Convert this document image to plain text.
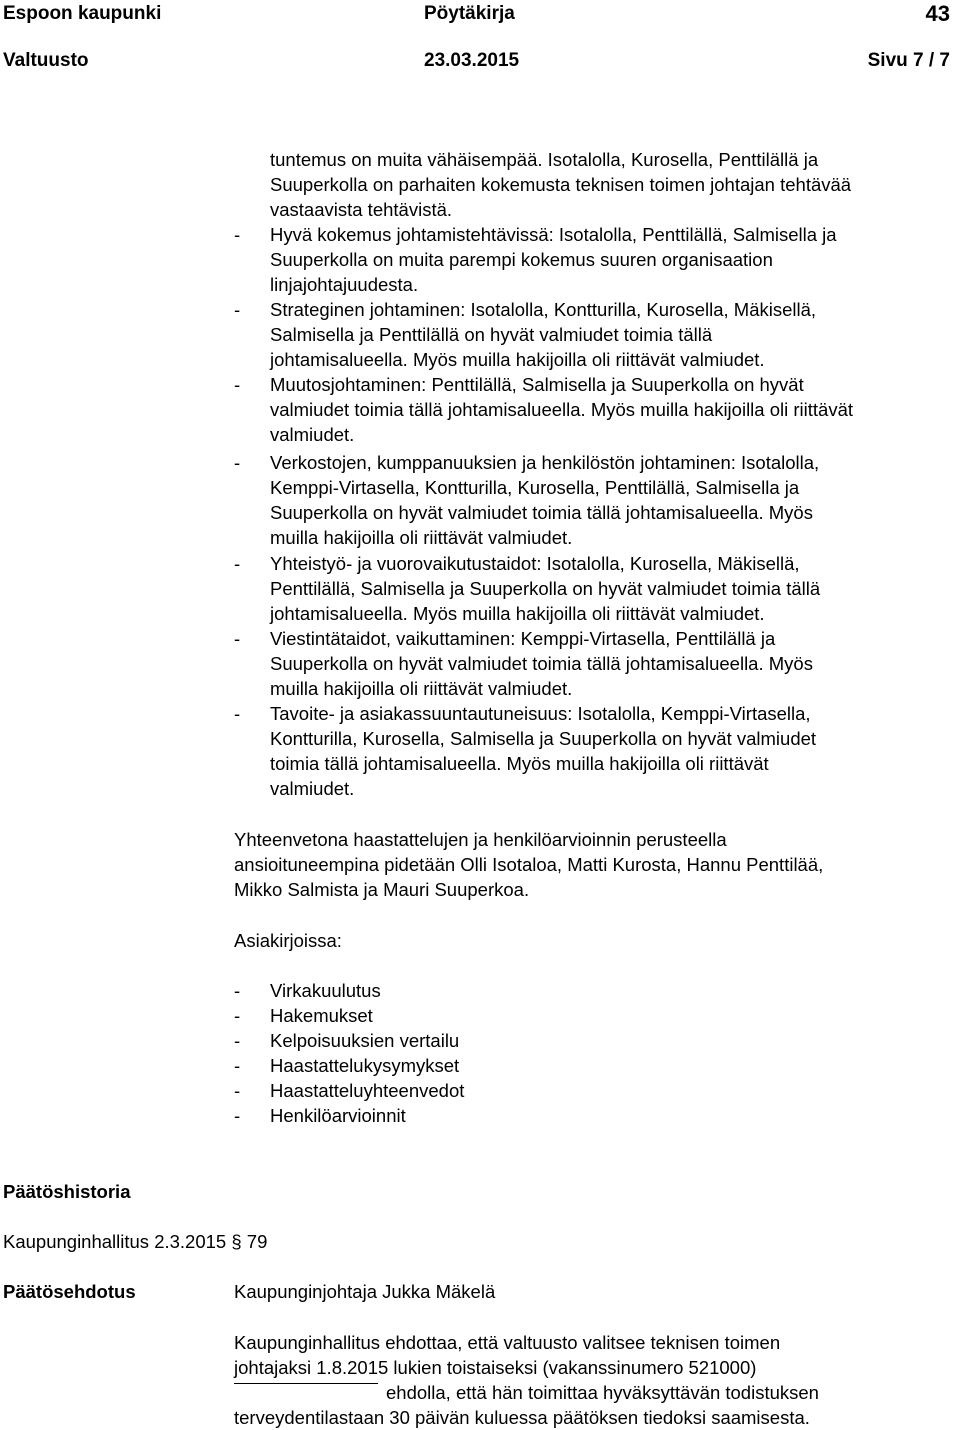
Espoon kaupunki	Pöytäkirja	43
Valtuusto	23.03.2015	Sivu 7 / 7
tuntemus on muita vähäisempää. Isotalolla, Kurosella, Penttilällä ja
Suuperkolla on parhaiten kokemusta teknisen toimen johtajan tehtävää
vastaavista tehtävistä.
- Hyvä kokemus johtamistehtävissä: Isotalolla, Penttilällä, Salmisella ja
Suuperkolla on muita parempi kokemus suuren organisaation
linjajohtajuudesta.
- Strateginen johtaminen: Isotalolla, Kontturilla, Kurosella, Mäkisellä,
Salmisella ja Penttilällä on hyvät valmiudet toimia tällä
johtamisalueella. Myös muilla hakijoilla oli riittävät valmiudet.
- Muutosjohtaminen: Penttilällä, Salmisella ja Suuperkolla on hyvät
valmiudet toimia tällä johtamisalueella. Myös muilla hakijoilla oli riittävät
valmiudet.
- Verkostojen, kumppanuuksien ja henkilöstön johtaminen: Isotalolla,
Kemppi-Virtasella, Kontturilla, Kurosella, Penttilällä, Salmisella ja
Suuperkolla on hyvät valmiudet toimia tällä johtamisalueella. Myös
muilla hakijoilla oli riittävät valmiudet.
- Yhteistyö- ja vuorovaikutustaidot: Isotalolla, Kurosella, Mäkisellä,
Penttilällä, Salmisella ja Suuperkolla on hyvät valmiudet toimia tällä
johtamisalueella. Myös muilla hakijoilla oli riittävät valmiudet.
- Viestintätaidot, vaikuttaminen: Kemppi-Virtasella, Penttilällä ja
Suuperkolla on hyvät valmiudet toimia tällä johtamisalueella. Myös
muilla hakijoilla oli riittävät valmiudet.
- Tavoite- ja asiakassuuntautuneisuus: Isotalolla, Kemppi-Virtasella,
Kontturilla, Kurosella, Salmisella ja Suuperkolla on hyvät valmiudet
toimia tällä johtamisalueella. Myös muilla hakijoilla oli riittävät
valmiudet.
Yhteenvetona haastattelujen ja henkilöarvioinnin perusteella
ansioituneempina pidetään Olli Isotaloa, Matti Kurosta, Hannu Penttilää,
Mikko Salmista ja Mauri Suuperkoa.
Asiakirjoissa:
- Virkakuulutus
- Hakemukset
- Kelpoisuuksien vertailu
- Haastattelukysymykset
- Haastatteluyhteenvedot
- Henkilöarvioinnit
Päätöshistoria
Kaupunginhallitus 2.3.2015 § 79
Päätösehdotus	Kaupunginjohtaja Jukka Mäkelä
Kaupunginhallitus ehdottaa, että valtuusto valitsee teknisen toimen
johtajaksi 1.8.2015 lukien toistaiseksi (vakanssinumero 521000)
ehdolla, että hän toimittaa hyväksyttävän todistuksen
terveydentilastaan 30 päivän kuluessa päätöksen tiedoksi saamisesta.
